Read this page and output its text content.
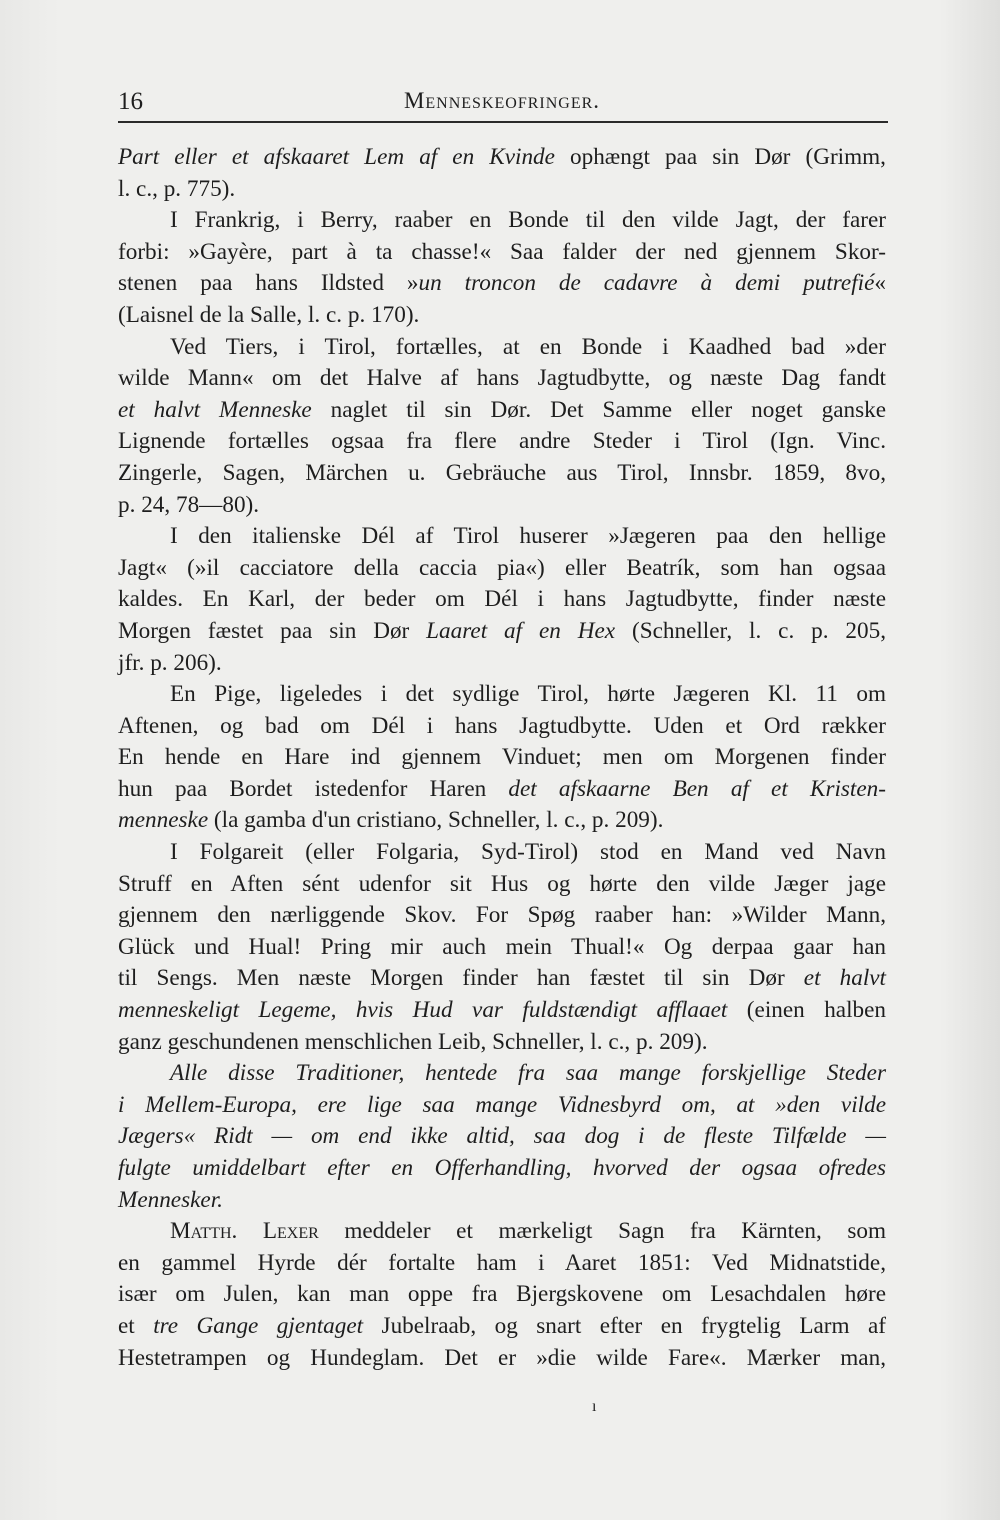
16	Menneskeofringer.
Part eller et afskaaret Lem af en Kvinde ophængt paa sin Dør (Grimm,
l. c., p. 775).
I Frankrig, i Berry, raaber en Bonde til den vilde Jagt, der farer
forbi: »Gayère, part à ta chasse!« Saa falder der ned gjennem Skor-
stenen paa hans Ildsted »un troncon de cadavre à demi putrefié«
(Laisnel de la Salle, l. c. p. 170).
Ved Tiers, i Tirol, fortælles, at en Bonde i Kaadhed bad »der
wilde Mann« om det Halve af hans Jagtudbytte, og næste Dag fandt
et halvt Menneske naglet til sin Dør. Det Samme eller noget ganske
Lignende fortælles ogsaa fra flere andre Steder i Tirol (Ign. Vinc.
Zingerle, Sagen, Märchen u. Gebräuche aus Tirol, Innsbr. 1859, 8vo,
p. 24, 78—80).
I den italienske Dél af Tirol huserer »Jægeren paa den hellige
Jagt« (»il cacciatore della caccia pia«) eller Beatrík, som han ogsaa
kaldes. En Karl, der beder om Dél i hans Jagtudbytte, finder næste
Morgen fæstet paa sin Dør Laaret af en Hex (Schneller, l. c. p. 205,
jfr. p. 206).
En Pige, ligeledes i det sydlige Tirol, hørte Jægeren Kl. 11 om
Aftenen, og bad om Dél i hans Jagtudbytte. Uden et Ord rækker
En hende en Hare ind gjennem Vinduet; men om Morgenen finder
hun paa Bordet istedenfor Haren det afskaarne Ben af et Kristen-
menneske (la gamba d'un cristiano, Schneller, l. c., p. 209).
I Folgareit (eller Folgaria, Syd-Tirol) stod en Mand ved Navn
Struff en Aften sént udenfor sit Hus og hørte den vilde Jæger jage
gjennem den nærliggende Skov. For Spøg raaber han: »Wilder Mann,
Glück und Hual! Pring mir auch mein Thual!« Og derpaa gaar han
til Sengs. Men næste Morgen finder han fæstet til sin Dør et halvt
menneskeligt Legeme, hvis Hud var fuldstændigt afflaaet (einen halben
ganz geschundenen menschlichen Leib, Schneller, l. c., p. 209).
Alle disse Traditioner, hentede fra saa mange forskjellige Steder
i Mellem-Europa, ere lige saa mange Vidnesbyrd om, at »den vilde
Jægers« Ridt — om end ikke altid, saa dog i de fleste Tilfælde —
fulgte umiddelbart efter en Offerhandling, hvorved der ogsaa ofredes
Mennesker.
Matth. Lexer meddeler et mærkeligt Sagn fra Kärnten, som
en gammel Hyrde dér fortalte ham i Aaret 1851: Ved Midnatstide,
især om Julen, kan man oppe fra Bjergskovene om Lesachdalen høre
et tre Gange gjentaget Jubelraab, og snart efter en frygtelig Larm af
Hestetrampen og Hundeglam. Det er »die wilde Fare«. Mærker man,
ı
